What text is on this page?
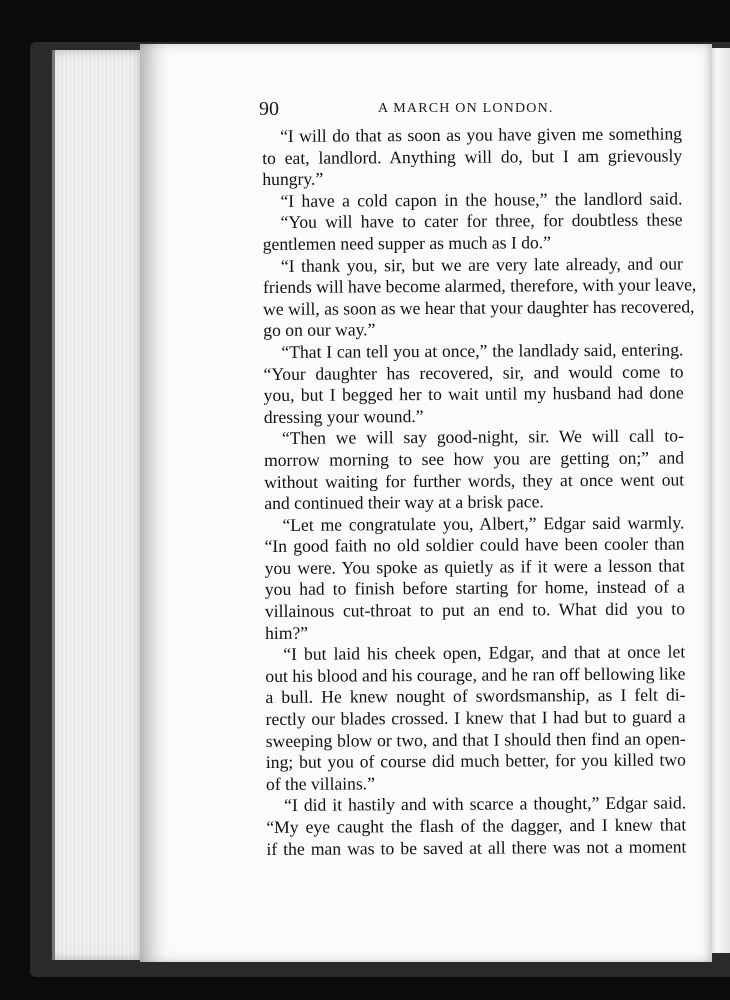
90	A MARCH ON LONDON.
“I will do that as soon as you have given me something
to eat, landlord. Anything will do, but I am grievously
hungry.”
“I have a cold capon in the house,” the landlord said.
“You will have to cater for three, for doubtless these
gentlemen need supper as much as I do.”
“I thank you, sir, but we are very late already, and our
friends will have become alarmed, therefore, with your leave,
we will, as soon as we hear that your daughter has recovered,
go on our way.”
“That I can tell you at once,” the landlady said, entering.
“Your daughter has recovered, sir, and would come to
you, but I begged her to wait until my husband had done
dressing your wound.”
“Then we will say good-night, sir. We will call to-
morrow morning to see how you are getting on;” and
without waiting for further words, they at once went out
and continued their way at a brisk pace.
“Let me congratulate you, Albert,” Edgar said warmly.
“In good faith no old soldier could have been cooler than
you were. You spoke as quietly as if it were a lesson that
you had to finish before starting for home, instead of a
villainous cut-throat to put an end to. What did you to
him?”
“I but laid his cheek open, Edgar, and that at once let
out his blood and his courage, and he ran off bellowing like
a bull. He knew nought of swordsmanship, as I felt di-
rectly our blades crossed. I knew that I had but to guard a
sweeping blow or two, and that I should then find an open-
ing; but you of course did much better, for you killed two
of the villains.”
“I did it hastily and with scarce a thought,” Edgar said.
“My eye caught the flash of the dagger, and I knew that
if the man was to be saved at all there was not a moment
